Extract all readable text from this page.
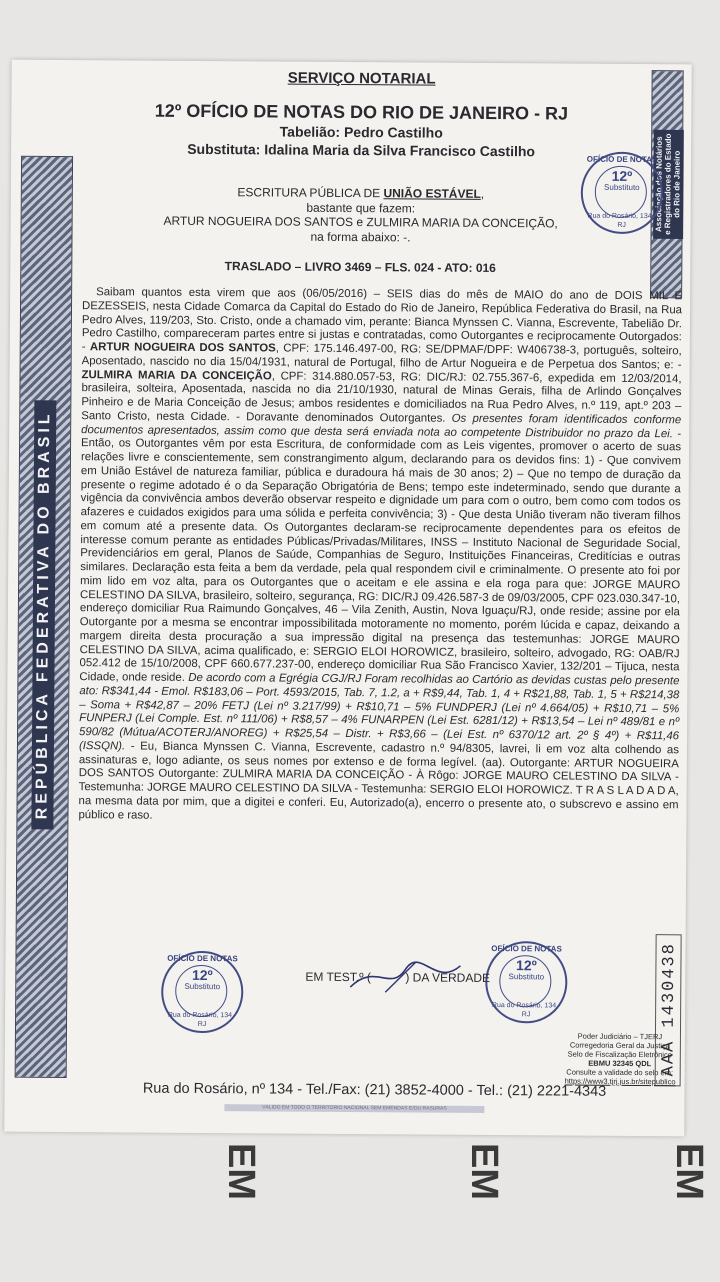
REPÚBLICA FEDERATIVA DO BRASIL
Associação dos Notários
e Registradores do Estado
do Rio de Janeiro
AAA 1430438
SERVIÇO NOTARIAL
12º OFÍCIO DE NOTAS DO RIO DE JANEIRO - RJ
Tabelião: Pedro Castilho
Substituta: Idalina Maria da Silva Francisco Castilho
ESCRITURA PÚBLICA DE UNIÃO ESTÁVEL,
bastante que fazem:
ARTUR NOGUEIRA DOS SANTOS e ZULMIRA MARIA DA CONCEIÇÃO,
na forma abaixo: -.
TRASLADO – LIVRO 3469 – FLS. 024 - ATO: 016

Saibam quantos esta virem que aos (06/05/2016) – SEIS dias do mês de MAIO do ano de DOIS MIL E DEZESSEIS, nesta Cidade Comarca da Capital do Estado do Rio de Janeiro, República Federativa do Brasil, na Rua Pedro Alves, 119/203, Sto. Cristo, onde a chamado vim, perante: Bianca Mynssen C. Vianna, Escrevente, Tabelião Dr. Pedro Castilho, compareceram partes entre si justas e contratadas, como Outorgantes e reciprocamente Outorgados: - ARTUR NOGUEIRA DOS SANTOS, CPF: 175.146.497-00, RG: SE/DPMAF/DPF: W406738-3, português, solteiro, Aposentado, nascido no dia 15/04/1931, natural de Portugal, filho de Artur Nogueira e de Perpetua dos Santos; e: - ZULMIRA MARIA DA CONCEIÇÃO, CPF: 314.880.057-53, RG: DIC/RJ: 02.755.367-6, expedida em 12/03/2014, brasileira, solteira, Aposentada, nascida no dia 21/10/1930, natural de Minas Gerais, filha de Arlindo Gonçalves Pinheiro e de Maria Conceição de Jesus; ambos residentes e domiciliados na Rua Pedro Alves, n.º 119, apt.º 203 – Santo Cristo, nesta Cidade. - Doravante denominados Outorgantes. Os presentes foram identificados conforme documentos apresentados, assim como que desta será enviada nota ao competente Distribuidor no prazo da Lei. - Então, os Outorgantes vêm por esta Escritura, de conformidade com as Leis vigentes, promover o acerto de suas relações livre e conscientemente, sem constrangimento algum, declarando para os devidos fins: 1) - Que convivem em União Estável de natureza familiar, pública e duradoura há mais de 30 anos; 2) – Que no tempo de duração da presente o regime adotado é o da Separação Obrigatória de Bens; tempo este indeterminado, sendo que durante a vigência da convivência ambos deverão observar respeito e dignidade um para com o outro, bem como com todos os afazeres e cuidados exigidos para uma sólida e perfeita convivência; 3) - Que desta União tiveram não tiveram filhos em comum até a presente data. Os Outorgantes declaram-se reciprocamente dependentes para os efeitos de interesse comum perante as entidades Públicas/Privadas/Militares, INSS – Instituto Nacional de Seguridade Social, Previdenciários em geral, Planos de Saúde, Companhias de Seguro, Instituições Financeiras, Creditícias e outras similares. Declaração esta feita a bem da verdade, pela qual respondem civil e criminalmente. O presente ato foi por mim lido em voz alta, para os Outorgantes que o aceitam e ele assina e ela roga para que: JORGE MAURO CELESTINO DA SILVA, brasileiro, solteiro, segurança, RG: DIC/RJ 09.426.587-3 de 09/03/2005, CPF 023.030.347-10, endereço domiciliar Rua Raimundo Gonçalves, 46 – Vila Zenith, Austin, Nova Iguaçu/RJ, onde reside; assine por ela Outorgante por a mesma se encontrar impossibilitada motoramente no momento, porém lúcida e capaz, deixando a margem direita desta procuração a sua impressão digital na presença das testemunhas: JORGE MAURO CELESTINO DA SILVA, acima qualificado, e: SERGIO ELOI HOROWICZ, brasileiro, solteiro, advogado, RG: OAB/RJ 052.412 de 15/10/2008, CPF 660.677.237-00, endereço domiciliar Rua São Francisco Xavier, 132/201 – Tijuca, nesta Cidade, onde reside. De acordo com a Egrégia CGJ/RJ Foram recolhidas ao Cartório as devidas custas pelo presente ato: R$341,44 - Emol. R$183,06 – Port. 4593/2015, Tab. 7, 1.2, a + R$9,44, Tab. 1, 4 + R$21,88, Tab. 1, 5 + R$214,38 – Soma + R$42,87 – 20% FETJ (Lei nº 3.217/99) + R$10,71 – 5% FUNDPERJ (Lei nº 4.664/05) + R$10,71 – 5% FUNPERJ (Lei Comple. Est. nº 111/06) + R$8,57 – 4% FUNARPEN (Lei Est. 6281/12) + R$13,54 – Lei nº 489/81 e nº 590/82 (Mútua/ACOTERJ/ANOREG) + R$25,54 – Distr. + R$3,66 – (Lei Est. nº 6370/12 art. 2º § 4º) + R$11,46 (ISSQN). - Eu, Bianca Mynssen C. Vianna, Escrevente, cadastro n.º 94/8305, lavrei, li em voz alta colhendo as assinaturas e, logo adiante, os seus nomes por extenso e de forma legível. (aa). Outorgante: ARTUR NOGUEIRA DOS SANTOS Outorgante: ZULMIRA MARIA DA CONCEIÇÃO - À Rôgo: JORGE MAURO CELESTINO DA SILVA - Testemunha: JORGE MAURO CELESTINO DA SILVA - Testemunha: SERGIO ELOI HOROWICZ. T R A S L A D A D A, na mesma data por mim, que a digitei e conferi. Eu, Autorizado(a), encerro o presente ato, o subscrevo e assino em público e raso.

OFÍCIO DE NOTAS
12º
Substituto
Rua do Rosário, 134 - RJ
OFÍCIO DE NOTAS
12º
Substituto
Rua do Rosário, 134 - RJ
OFÍCIO DE NOTAS
12º
Substituto
Rua do Rosário, 134 - RJ
EM TEST.º (	) DA VERDADE
Poder Judiciário – TJERJ
Corregedoria Geral da Justiça
Selo de Fiscalização Eletrônico
EBMU 32345 QDL
Consulte a validade do selo em:
https://www3.tjrj.jus.br/sitepublico
Rua do Rosário, nº 134 - Tel./Fax: (21) 3852-4000 - Tel.: (21) 2221-4343
VÁLIDO EM TODO O TERRITÓRIO NACIONAL SEM EMENDAS E/OU RASURAS
EM	EM	EM
